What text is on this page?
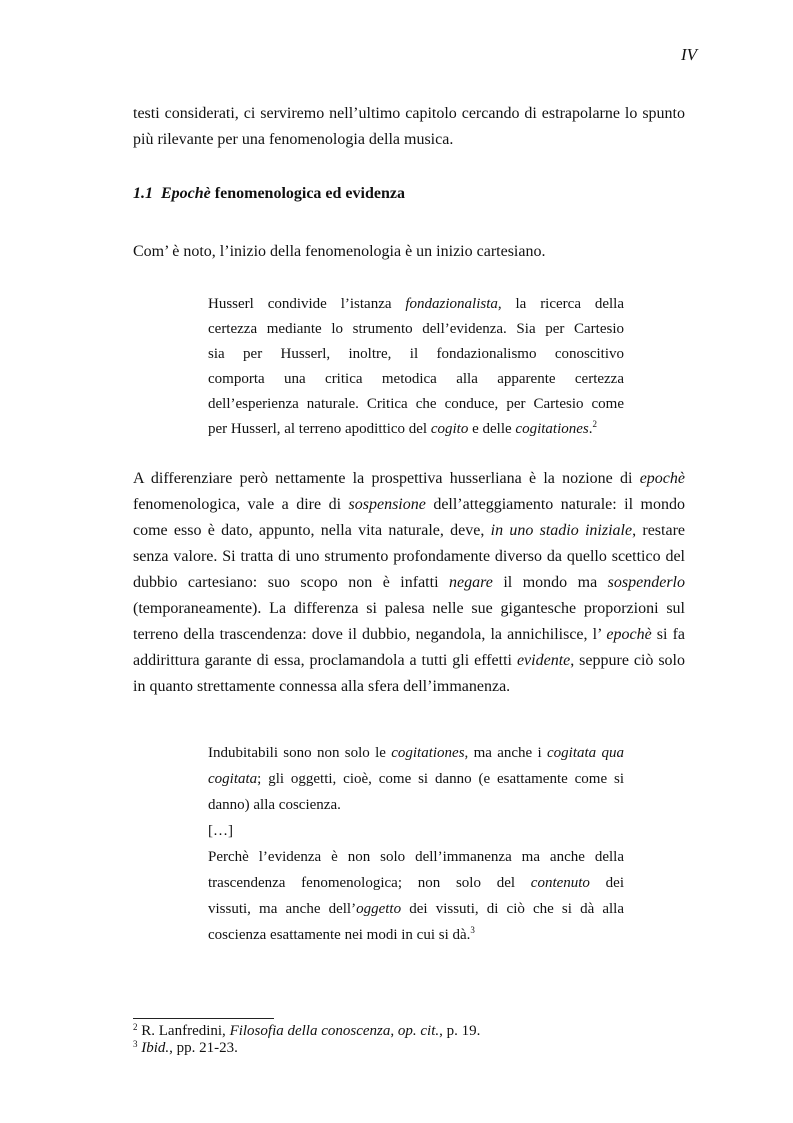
IV
testi considerati, ci serviremo nell’ultimo capitolo cercando di estrapolarne lo spunto
più rilevante per una fenomenologia della musica.
1.1 Epochè fenomenologica ed evidenza
Com’ è noto, l’inizio della fenomenologia è un inizio cartesiano.
Husserl condivide l’istanza fondazionalista, la ricerca della
certezza mediante lo strumento dell’evidenza. Sia per Cartesio
sia per Husserl, inoltre, il fondazionalismo conoscitivo
comporta una critica metodica alla apparente certezza
dell’esperienza naturale. Critica che conduce, per Cartesio come
per Husserl, al terreno apodittico del cogito e delle cogitationes.$^2$
A differenziare però nettamente la prospettiva husserliana è la nozione di epochè
fenomenologica, vale a dire di sospensione dell’atteggiamento naturale: il mondo
come esso è dato, appunto, nella vita naturale, deve, in uno stadio iniziale, restare
senza valore. Si tratta di uno strumento profondamente diverso da quello scettico del
dubbio cartesiano: suo scopo non è infatti negare il mondo ma sospenderlo
(temporaneamente). La differenza si palesa nelle sue gigantesche proporzioni sul
terreno della trascendenza: dove il dubbio, negandola, la annichilisce, l’ epochè si fa
addirittura garante di essa, proclamandola a tutti gli effetti evidente, seppure ciò solo
in quanto strettamente connessa alla sfera dell’immanenza.
Indubitabili sono non solo le cogitationes, ma anche i cogitata qua
cogitata; gli oggetti, cioè, come si danno (e esattamente come si
danno) alla coscienza.
[…]
Perchè l’evidenza è non solo dell’immanenza ma anche della
trascendenza fenomenologica; non solo del contenuto dei
vissuti, ma anche dell’oggetto dei vissuti, di ciò che si dà alla
coscienza esattamente nei modi in cui si dà.$^3$
$^2$ R. Lanfredini, Filosofia della conoscenza, op. cit., p. 19.
$^3$ Ibid., pp. 21-23.
